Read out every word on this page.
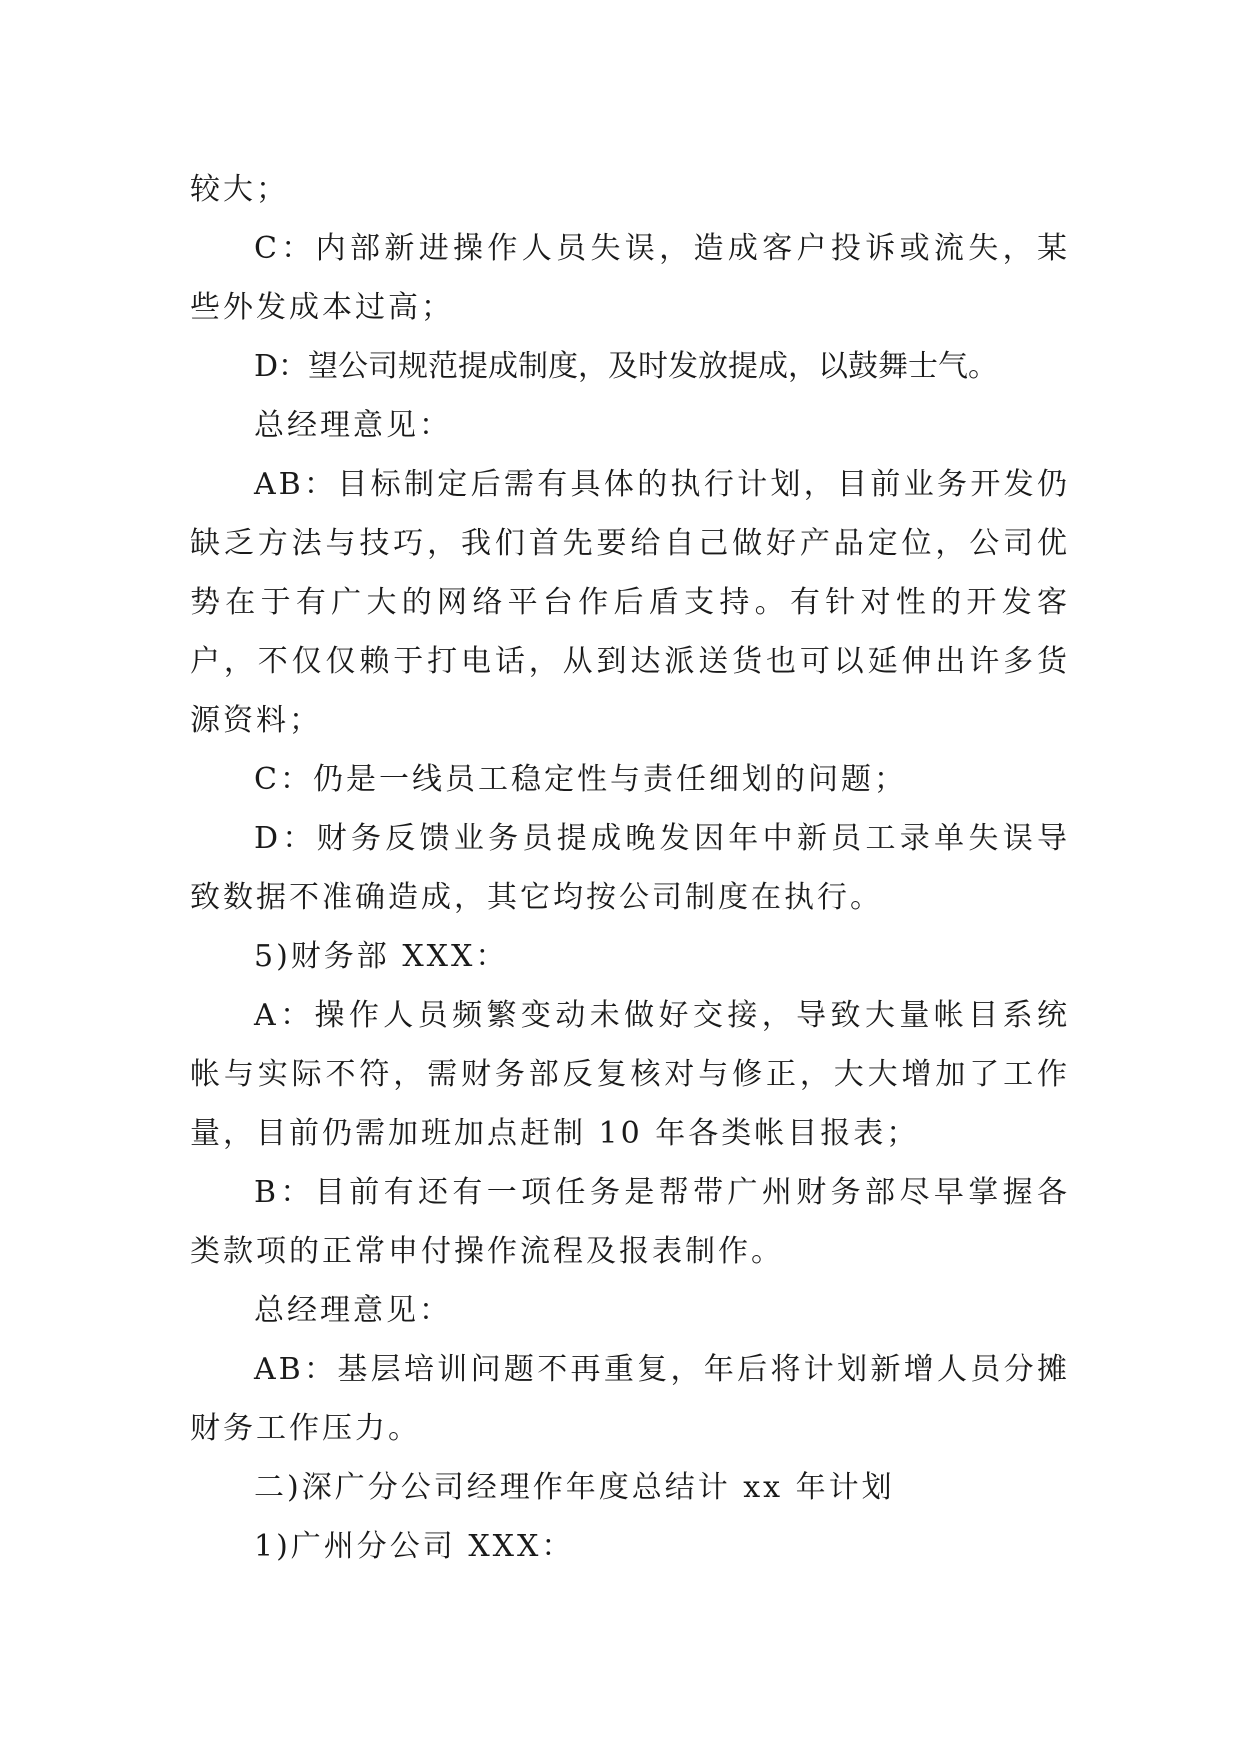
较大；

C：内部新进操作人员失误，造成客户投诉或流失，某些外发成本过高；

D：望公司规范提成制度，及时发放提成，以鼓舞士气。

总经理意见：

AB：目标制定后需有具体的执行计划，目前业务开发仍缺乏方法与技巧，我们首先要给自己做好产品定位，公司优势在于有广大的网络平台作后盾支持。有针对性的开发客户，不仅仅赖于打电话，从到达派送货也可以延伸出许多货源资料；

C：仍是一线员工稳定性与责任细划的问题；

D：财务反馈业务员提成晚发因年中新员工录单失误导致数据不准确造成，其它均按公司制度在执行。

5)财务部 XXX：

A：操作人员频繁变动未做好交接，导致大量帐目系统帐与实际不符，需财务部反复核对与修正，大大增加了工作量，目前仍需加班加点赶制 10 年各类帐目报表；

B：目前有还有一项任务是帮带广州财务部尽早掌握各类款项的正常申付操作流程及报表制作。

总经理意见：

AB：基层培训问题不再重复，年后将计划新增人员分摊财务工作压力。

二)深广分公司经理作年度总结计 xx 年计划

1)广州分公司 XXX：
